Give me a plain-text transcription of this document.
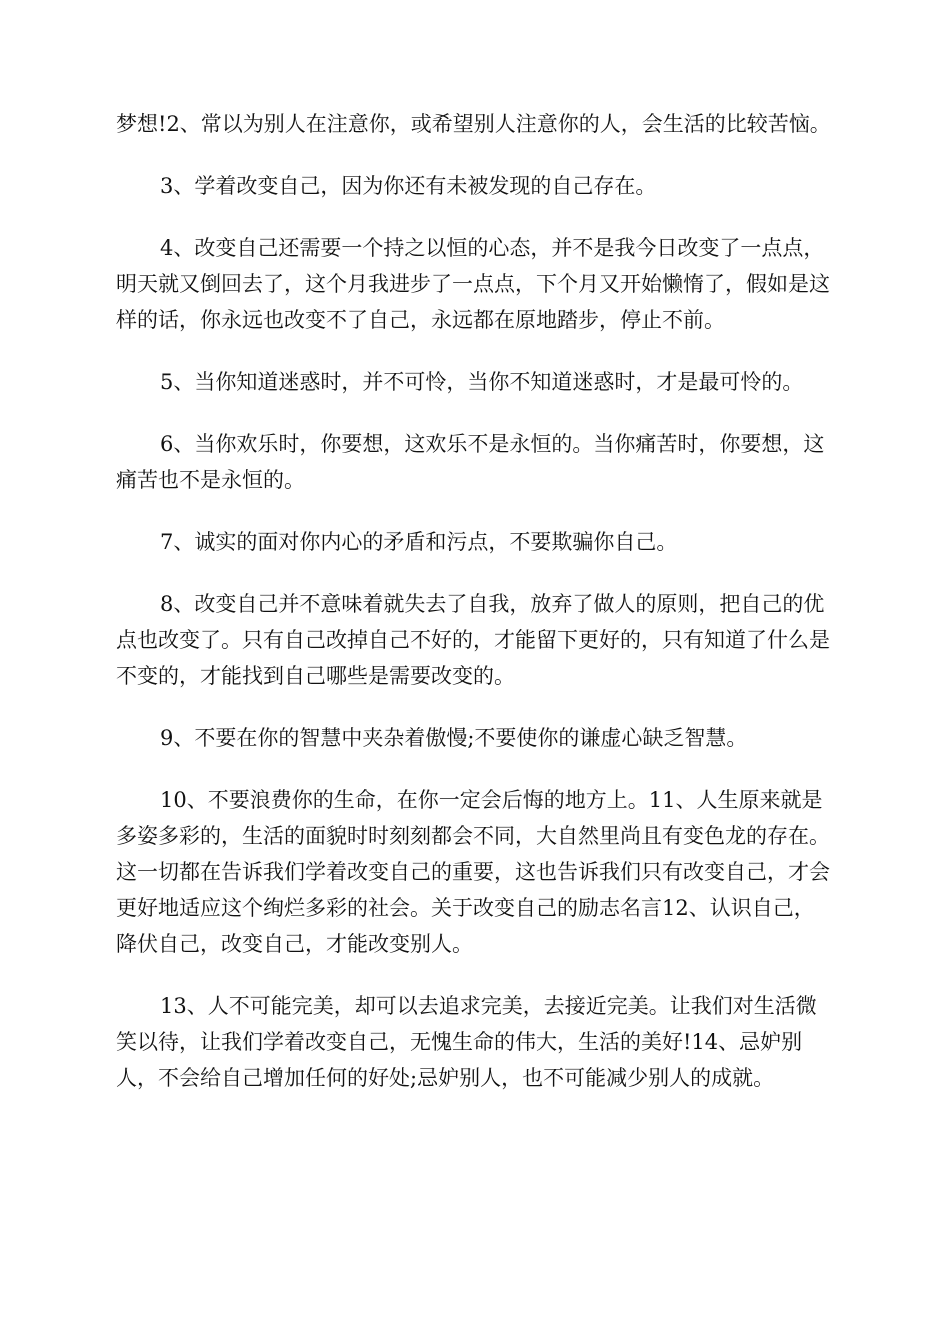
梦想!2、常以为别人在注意你，或希望别人注意你的人，会生活的比较苦恼。

3、学着改变自己，因为你还有未被发现的自己存在。

4、改变自己还需要一个持之以恒的心态，并不是我今日改变了一点点，明天就又倒回去了，这个月我进步了一点点，下个月又开始懒惰了，假如是这样的话，你永远也改变不了自己，永远都在原地踏步，停止不前。

5、当你知道迷惑时，并不可怜，当你不知道迷惑时，才是最可怜的。

6、当你欢乐时，你要想，这欢乐不是永恒的。当你痛苦时，你要想，这痛苦也不是永恒的。

7、诚实的面对你内心的矛盾和污点，不要欺骗你自己。

8、改变自己并不意味着就失去了自我，放弃了做人的原则，把自己的优点也改变了。只有自己改掉自己不好的，才能留下更好的，只有知道了什么是不变的，才能找到自己哪些是需要改变的。

9、不要在你的智慧中夹杂着傲慢;不要使你的谦虚心缺乏智慧。

10、不要浪费你的生命，在你一定会后悔的地方上。11、人生原来就是多姿多彩的，生活的面貌时时刻刻都会不同，大自然里尚且有变色龙的存在。这一切都在告诉我们学着改变自己的重要，这也告诉我们只有改变自己，才会更好地适应这个绚烂多彩的社会。关于改变自己的励志名言12、认识自己，降伏自己，改变自己，才能改变别人。

13、人不可能完美，却可以去追求完美，去接近完美。让我们对生活微笑以待，让我们学着改变自己，无愧生命的伟大，生活的美好!14、忌妒别人，不会给自己增加任何的好处;忌妒别人，也不可能减少别人的成就。
